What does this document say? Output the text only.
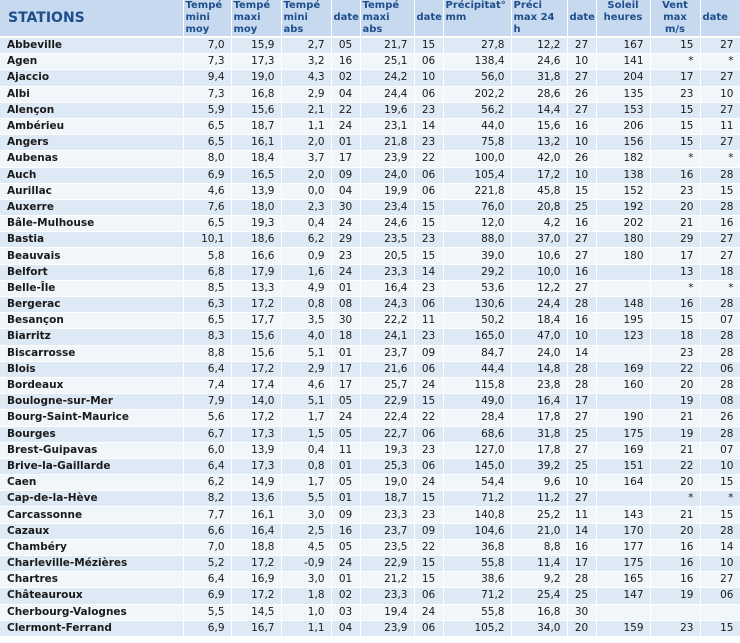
STATIONS	Tempé mini moy	Tempé maxi moy	Tempé mini abs	date	Tempé maxi abs	date	Précipitat° mm	Préci max 24 h	date	Soleil heures	Vent max m/s	date
Abbeville	7,0	15,9	2,7	05	21,7	15	27,8	12,2	27	167	15	27
Agen	7,3	17,3	3,2	16	25,1	06	138,4	24,6	10	141	*	*
Ajaccio	9,4	19,0	4,3	02	24,2	10	56,0	31,8	27	204	17	27
Albi	7,3	16,8	2,9	04	24,4	06	202,2	28,6	26	135	23	10
Alençon	5,9	15,6	2,1	22	19,6	23	56,2	14,4	27	153	15	27
Ambérieu	6,5	18,7	1,1	24	23,1	14	44,0	15,6	16	206	15	11
Angers	6,5	16,1	2,0	01	21,8	23	75,8	13,2	10	156	15	27
Aubenas	8,0	18,4	3,7	17	23,9	22	100,0	42,0	26	182	*	*
Auch	6,9	16,5	2,0	09	24,0	06	105,4	17,2	10	138	16	28
Aurillac	4,6	13,9	0,0	04	19,9	06	221,8	45,8	15	152	23	15
Auxerre	7,6	18,0	2,3	30	23,4	15	76,0	20,8	25	192	20	28
Bâle-Mulhouse	6,5	19,3	0,4	24	24,6	15	12,0	4,2	16	202	21	16
Bastia	10,1	18,6	6,2	29	23,5	23	88,0	37,0	27	180	29	27
Beauvais	5,8	16,6	0,9	23	20,5	15	39,0	10,6	27	180	17	27
Belfort	6,8	17,9	1,6	24	23,3	14	29,2	10,0	16		13	18
Belle-Île	8,5	13,3	4,9	01	16,4	23	53,6	12,2	27		*	*
Bergerac	6,3	17,2	0,8	08	24,3	06	130,6	24,4	28	148	16	28
Besançon	6,5	17,7	3,5	30	22,2	11	50,2	18,4	16	195	15	07
Biarritz	8,3	15,6	4,0	18	24,1	23	165,0	47,0	10	123	18	28
Biscarrosse	8,8	15,6	5,1	01	23,7	09	84,7	24,0	14		23	28
Blois	6,4	17,2	2,9	17	21,6	06	44,4	14,8	28	169	22	06
Bordeaux	7,4	17,4	4,6	17	25,7	24	115,8	23,8	28	160	20	28
Boulogne-sur-Mer	7,9	14,0	5,1	05	22,9	15	49,0	16,4	17		19	08
Bourg-Saint-Maurice	5,6	17,2	1,7	24	22,4	22	28,4	17,8	27	190	21	26
Bourges	6,7	17,3	1,5	05	22,7	06	68,6	31,8	25	175	19	28
Brest-Guipavas	6,0	13,9	0,4	11	19,3	23	127,0	17,8	27	169	21	07
Brive-la-Gaillarde	6,4	17,3	0,8	01	25,3	06	145,0	39,2	25	151	22	10
Caen	6,2	14,9	1,7	05	19,0	24	54,4	9,6	10	164	20	15
Cap-de-la-Hève	8,2	13,6	5,5	01	18,7	15	71,2	11,2	27		*	*
Carcassonne	7,7	16,1	3,0	09	23,3	23	140,8	25,2	11	143	21	15
Cazaux	6,6	16,4	2,5	16	23,7	09	104,6	21,0	14	170	20	28
Chambéry	7,0	18,8	4,5	05	23,5	22	36,8	8,8	16	177	16	14
Charleville-Mézières	5,2	17,2	-0,9	24	22,9	15	55,8	11,4	17	175	16	10
Chartres	6,4	16,9	3,0	01	21,2	15	38,6	9,2	28	165	16	27
Châteauroux	6,9	17,2	1,8	02	23,3	06	71,2	25,4	25	147	19	06
Cherbourg-Valognes	5,5	14,5	1,0	03	19,4	24	55,8	16,8	30			
Clermont-Ferrand	6,9	16,7	1,1	04	23,9	06	105,2	34,0	20	159	23	15
